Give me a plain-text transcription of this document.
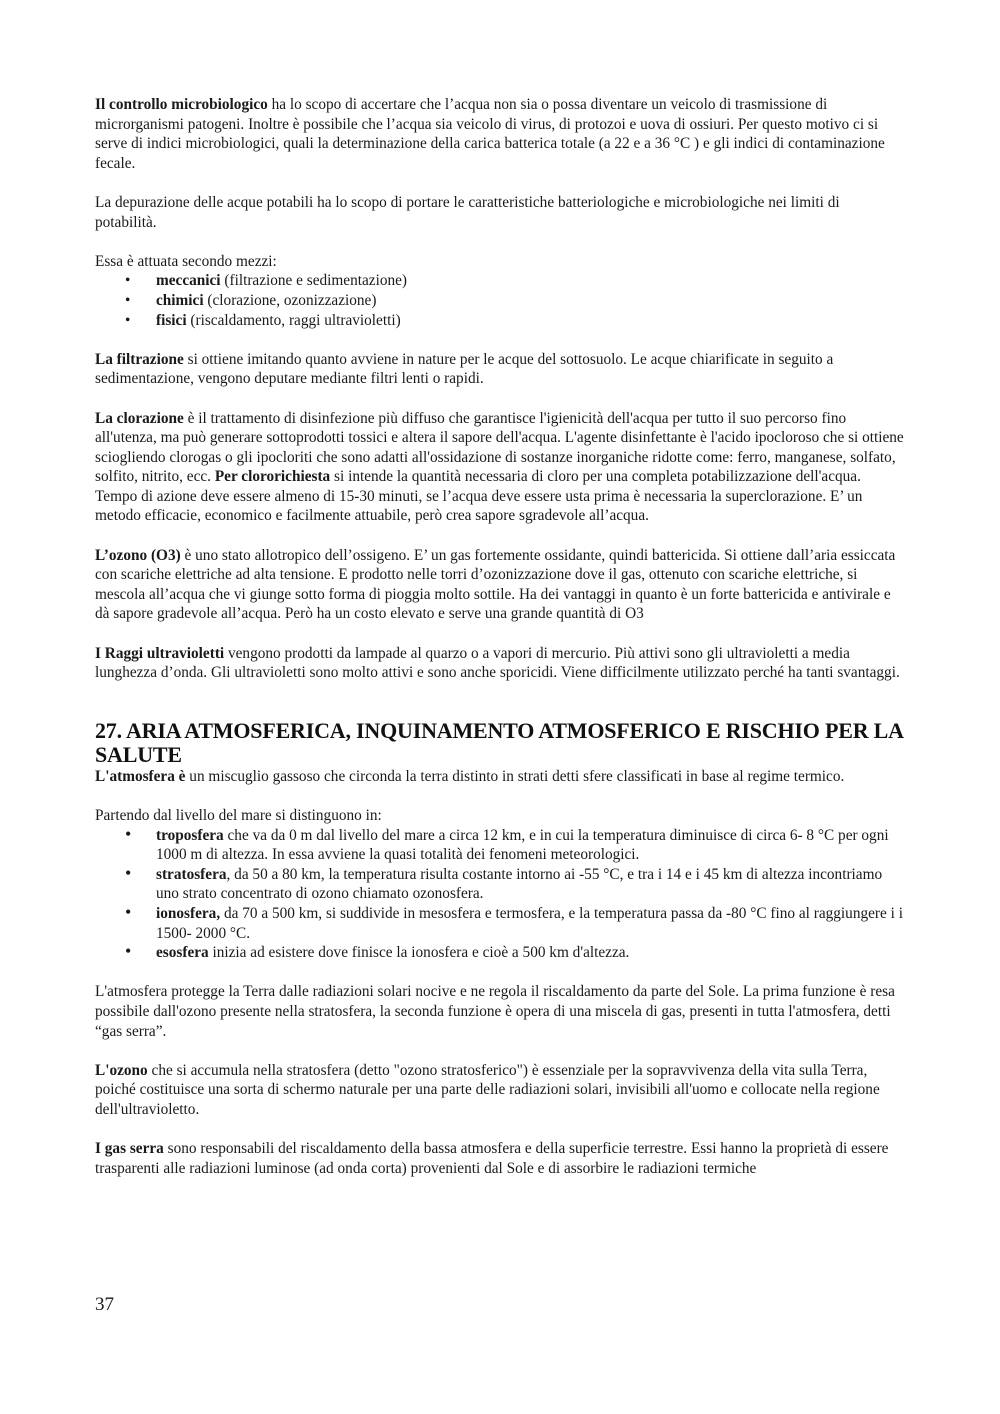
Il controllo microbiologico ha lo scopo di accertare che l’acqua non sia o possa diventare un veicolo di trasmissione di microrganismi patogeni. Inoltre è possibile che l’acqua sia veicolo di virus, di protozoi e uova di ossiuri. Per questo motivo ci si serve di indici microbiologici, quali la determinazione della carica batterica totale (a 22 e a 36 °C ) e gli indici di contaminazione fecale.

La depurazione delle acque potabili ha lo scopo di portare le caratteristiche batteriologiche e microbiologiche nei limiti di potabilità.

Essa è attuata secondo mezzi:

• meccanici (filtrazione e sedimentazione)
• chimici (clorazione, ozonizzazione)
• fisici (riscaldamento, raggi ultravioletti)

La filtrazione si ottiene imitando quanto avviene in nature per le acque del sottosuolo. Le acque chiarificate in seguito a sedimentazione, vengono deputare mediante filtri lenti o rapidi.

La clorazione è il trattamento di disinfezione più diffuso che garantisce l'igienicità dell'acqua per tutto il suo percorso fino all'utenza, ma può generare sottoprodotti tossici e altera il sapore dell'acqua. L'agente disinfettante è l'acido ipocloroso che si ottiene sciogliendo clorogas o gli ipocloriti che sono adatti all'ossidazione di sostanze inorganiche ridotte come: ferro, manganese, solfato, solfito, nitrito, ecc. Per clororichiesta si intende la quantità necessaria di cloro per una completa potabilizzazione dell'acqua. Tempo di azione deve essere almeno di 15-30 minuti, se l’acqua deve essere usta prima è necessaria la superclorazione. E’ un metodo efficacie, economico e facilmente attuabile, però crea sapore sgradevole all’acqua.

L’ozono (O3) è uno stato allotropico dell’ossigeno. E’ un gas fortemente ossidante, quindi battericida. Si ottiene dall’aria essiccata con scariche elettriche ad alta tensione. E prodotto nelle torri d’ozonizzazione dove il gas, ottenuto con scariche elettriche, si mescola all’acqua che vi giunge sotto forma di pioggia molto sottile. Ha dei vantaggi in quanto è un forte battericida e antivirale e dà sapore gradevole all’acqua. Però ha un costo elevato e serve una grande quantità di O3

I Raggi ultravioletti vengono prodotti da lampade al quarzo o a vapori di mercurio. Più attivi sono gli ultravioletti a media lunghezza d’onda. Gli ultravioletti sono molto attivi e sono anche sporicidi. Viene difficilmente utilizzato perché ha tanti svantaggi.

27. ARIA ATMOSFERICA, INQUINAMENTO ATMOSFERICO E RISCHIO PER LA SALUTE

L'atmosfera è un miscuglio gassoso che circonda la terra distinto in strati detti sfere classificati in base al regime termico.

Partendo dal livello del mare si distinguono in:

• troposfera che va da 0 m dal livello del mare a circa 12 km, e in cui la temperatura diminuisce di circa 6- 8 °C per ogni 1000 m di altezza. In essa avviene la quasi totalità dei fenomeni meteorologici.
• stratosfera, da 50 a 80 km, la temperatura risulta costante intorno ai -55 °C, e tra i 14 e i 45 km di altezza incontriamo uno strato concentrato di ozono chiamato ozonosfera.
• ionosfera, da 70 a 500 km, si suddivide in mesosfera e termosfera, e la temperatura passa da -80 °C fino al raggiungere i i 1500- 2000 °C.
• esosfera inizia ad esistere dove finisce la ionosfera e cioè a 500 km d'altezza.

L'atmosfera protegge la Terra dalle radiazioni solari nocive e ne regola il riscaldamento da parte del Sole. La prima funzione è resa possibile dall'ozono presente nella stratosfera, la seconda funzione è opera di una miscela di gas, presenti in tutta l'atmosfera, detti “gas serra”.

L'ozono che si accumula nella stratosfera (detto "ozono stratosferico") è essenziale per la sopravvivenza della vita sulla Terra, poiché costituisce una sorta di schermo naturale per una parte delle radiazioni solari, invisibili all'uomo e collocate nella regione dell'ultravioletto.

I gas serra sono responsabili del riscaldamento della bassa atmosfera e della superficie terrestre. Essi hanno la proprietà di essere trasparenti alle radiazioni luminose (ad onda corta) provenienti dal Sole e di assorbire le radiazioni termiche

37
